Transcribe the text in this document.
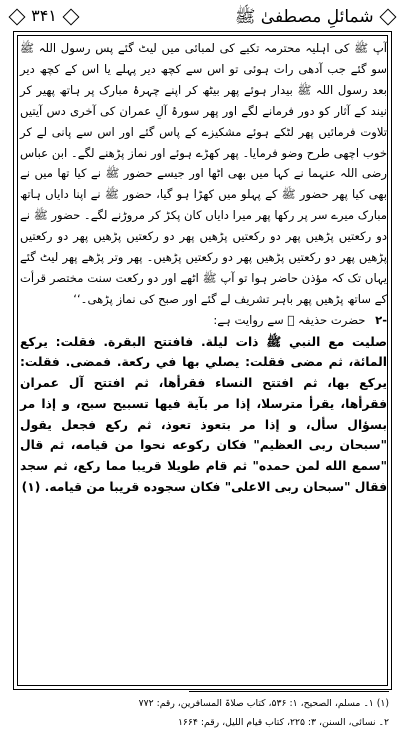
شمائلِ مصطفیٰ ﷺ
۳۴۱

آپ ﷺ کی اہلیہ محترمہ تکیے کی لمبائی میں لیٹ گئے پس رسول اللہ ﷺ سو گئے جب آدھی رات ہوئی تو اس سے کچھ دیر پہلے یا اس کے کچھ دیر بعد رسول اللہ ﷺ بیدار ہوئے پھر بیٹھ کر اپنے چہرۂ مبارک پر ہاتھ پھیر کر نیند کے آثار کو دور فرمانے لگے اور پھر سورۂ آلِ عمران کی آخری دس آیتیں تلاوت فرمائیں پھر لٹکے ہوئے مشکیزے کے پاس گئے اور اس سے پانی لے کر خوب اچھی طرح وضو فرمایا۔ پھر کھڑے ہوئے اور نماز پڑھنے لگے۔ ابن عباس رضی اللہ عنہما نے کہا میں بھی اٹھا اور جیسے حضور ﷺ نے کیا تھا میں نے بھی کیا پھر حضور ﷺ کے پہلو میں کھڑا ہو گیا، حضور ﷺ نے اپنا دایاں ہاتھ مبارک میرے سر پر رکھا پھر میرا دایاں کان پکڑ کر مروڑنے لگے۔ حضور ﷺ نے دو رکعتیں پڑھیں پھر دو رکعتیں پڑھیں پھر دو رکعتیں پڑھیں پھر دو رکعتیں پڑھیں پھر دو رکعتیں پڑھیں پھر دو رکعتیں پڑھیں۔ پھر وتر پڑھے پھر لیٹ گئے یہاں تک کہ مؤذن حاضر ہوا تو آپ ﷺ اٹھے اور دو رکعت سنت مختصر قرأت کے ساتھ پڑھیں پھر باہر تشریف لے گئے اور صبح کی نماز پڑھی۔‘‘

-۲ حضرت حذیفہ ﷛ سے روایت ہے:

صليت مع النبي ﷺ ذات ليلة. فافتتح البقرة. فقلت: يركع المائة، ثم مضى فقلت: يصلي بها في ركعة. فمضى. فقلت: يركع بها، ثم افتتح النساء فقرأها، ثم افتتح آل عمران فقرأها، يقرأ مترسلا، إذا مر بآية فيها تسبيح سبح، و إذا مر بسؤال سأل، و إذا مر بتعوذ تعوذ، ثم ركع فجعل يقول "سبحان ربی العظيم" فكان ركوعه نحوا من قيامه، ثم قال "سمع الله لمن حمده" ثم قام طويلا قريبا مما ركع، ثم سجد فقال "سبحان ربی الاعلى" فكان سجوده قريبا من قيامه. (۱)

(۱) ۱۔ مسلم، الصحیح، ۱: ۵۳۶، کتاب صلاۃ المسافرین، رقم: ۷۷۲
۲۔ نسائی، السنن، ۳: ۲۲۵، کتاب قیام اللیل، رقم: ۱۶۶۴
